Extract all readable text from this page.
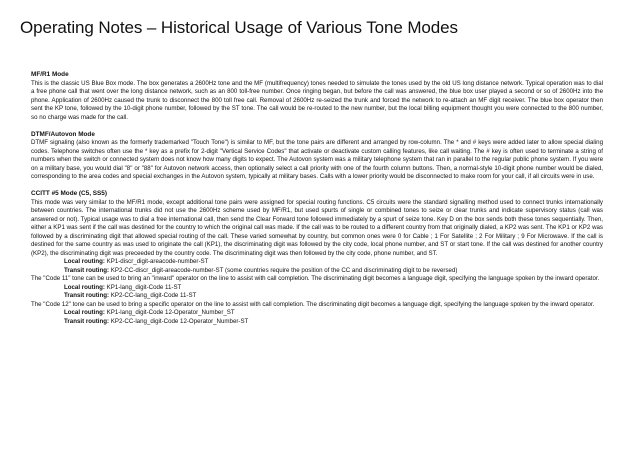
Operating Notes – Historical Usage of Various Tone Modes

MF/R1 Mode

This is the classic US Blue Box mode. The box generates a 2600Hz tone and the MF (multifrequency) tones needed to simulate the tones used by the old US long distance network. Typical operation was to dial a free phone call that went over the long distance network, such as an 800 toll-free number. Once ringing began, but before the call was answered, the blue box user played a second or so of 2600Hz into the phone. Application of 2600Hz caused the trunk to disconnect the 800 toll free call. Removal of 2600Hz re-seized the trunk and forced the network to re-attach an MF digit receiver. The blue box operator then sent the KP tone, followed by the 10-digit phone number, followed by the ST tone. The call would be re-routed to the new number, but the local billing equipment thought you were connected to the 800 number, so no charge was made for the call.

DTMF/Autovon Mode

DTMF signaling (also known as the formerly trademarked "Touch Tone") is similar to MF, but the tone pairs are different and arranged by row-column. The * and # keys were added later to allow special dialing codes. Telephone switches often use the * key as a prefix for 2-digit "Vertical Service Codes" that activate or deactivate custom calling features, like call waiting. The # key is often used to terminate a string of numbers when the switch or connected system does not know how many digits to expect. The Autovon system was a military telephone system that ran in parallel to the regular public phone system. If you were on a military base, you would dial "8" or "88" for Autovon network access, then optionally select a call priority with one of the fourth column buttons. Then, a normal-style 10-digit phone number would be dialed, corresponding to the area codes and special exchanges in the Autovon system, typically at military bases. Calls with a lower priority would be disconnected to make room for your call, if all circuits were in use.

CCITT #5 Mode (C5, SS5)

This mode was very similar to the MF/R1 mode, except additional tone pairs were assigned for special routing functions. C5 circuits were the standard signalling method used to connect trunks internationally between countries. The international trunks did not use the 2600Hz scheme used by MF/R1, but used spurts of single or combined tones to seize or clear trunks and indicate supervisory status (call was answered or not). Typical usage was to dial a free international call, then send the Clear Forward tone followed immediately by a spurt of seize tone. Key D on the box sends both these tones sequentially. Then, either a KP1 was sent if the call was destined for the country to which the original call was made. If the call was to be routed to a different country from that originally dialed, a KP2 was sent. The KP1 or KP2 was followed by a discriminating digit that allowed special routing of the call. These varied somewhat by country, but common ones were 0 for Cable ; 1 For Satellite ; 2 For Military ; 9 For Microwave. If the call is destined for the same country as was used to originate the call (KP1), the discriminating digit was followed by the city code, local phone number, and ST or start tone. If the call was destined for another country (KP2), the discriminating digit was preceeded by the country code. The discriminating digit was then followed by the city code, phone number, and ST.

Local routing: KP1-discr_digit-areacode-number-ST

Transit routing: KP2-CC-discr_digit-areacode-number-ST (some countries require the position of the CC and discriminating digit to be reversed)

The "Code 11" tone can be used to bring an "inward" operator on the line to assist with call completion. The discriminating digit becomes a language digit, specifying the language spoken by the inward operator.

Local routing: KP1-lang_digit-Code 11-ST

Transit routing: KP2-CC-lang_digit-Code 11-ST

The "Code 12" tone can be used to bring a specific operator on the line to assist with call completion. The discriminating digit becomes a language digit, specifying the language spoken by the inward operator.

Local routing: KP1-lang_digit-Code 12-Operator_Number_ST

Transit routing: KP2-CC-lang_digit-Code 12-Operator_Number-ST
